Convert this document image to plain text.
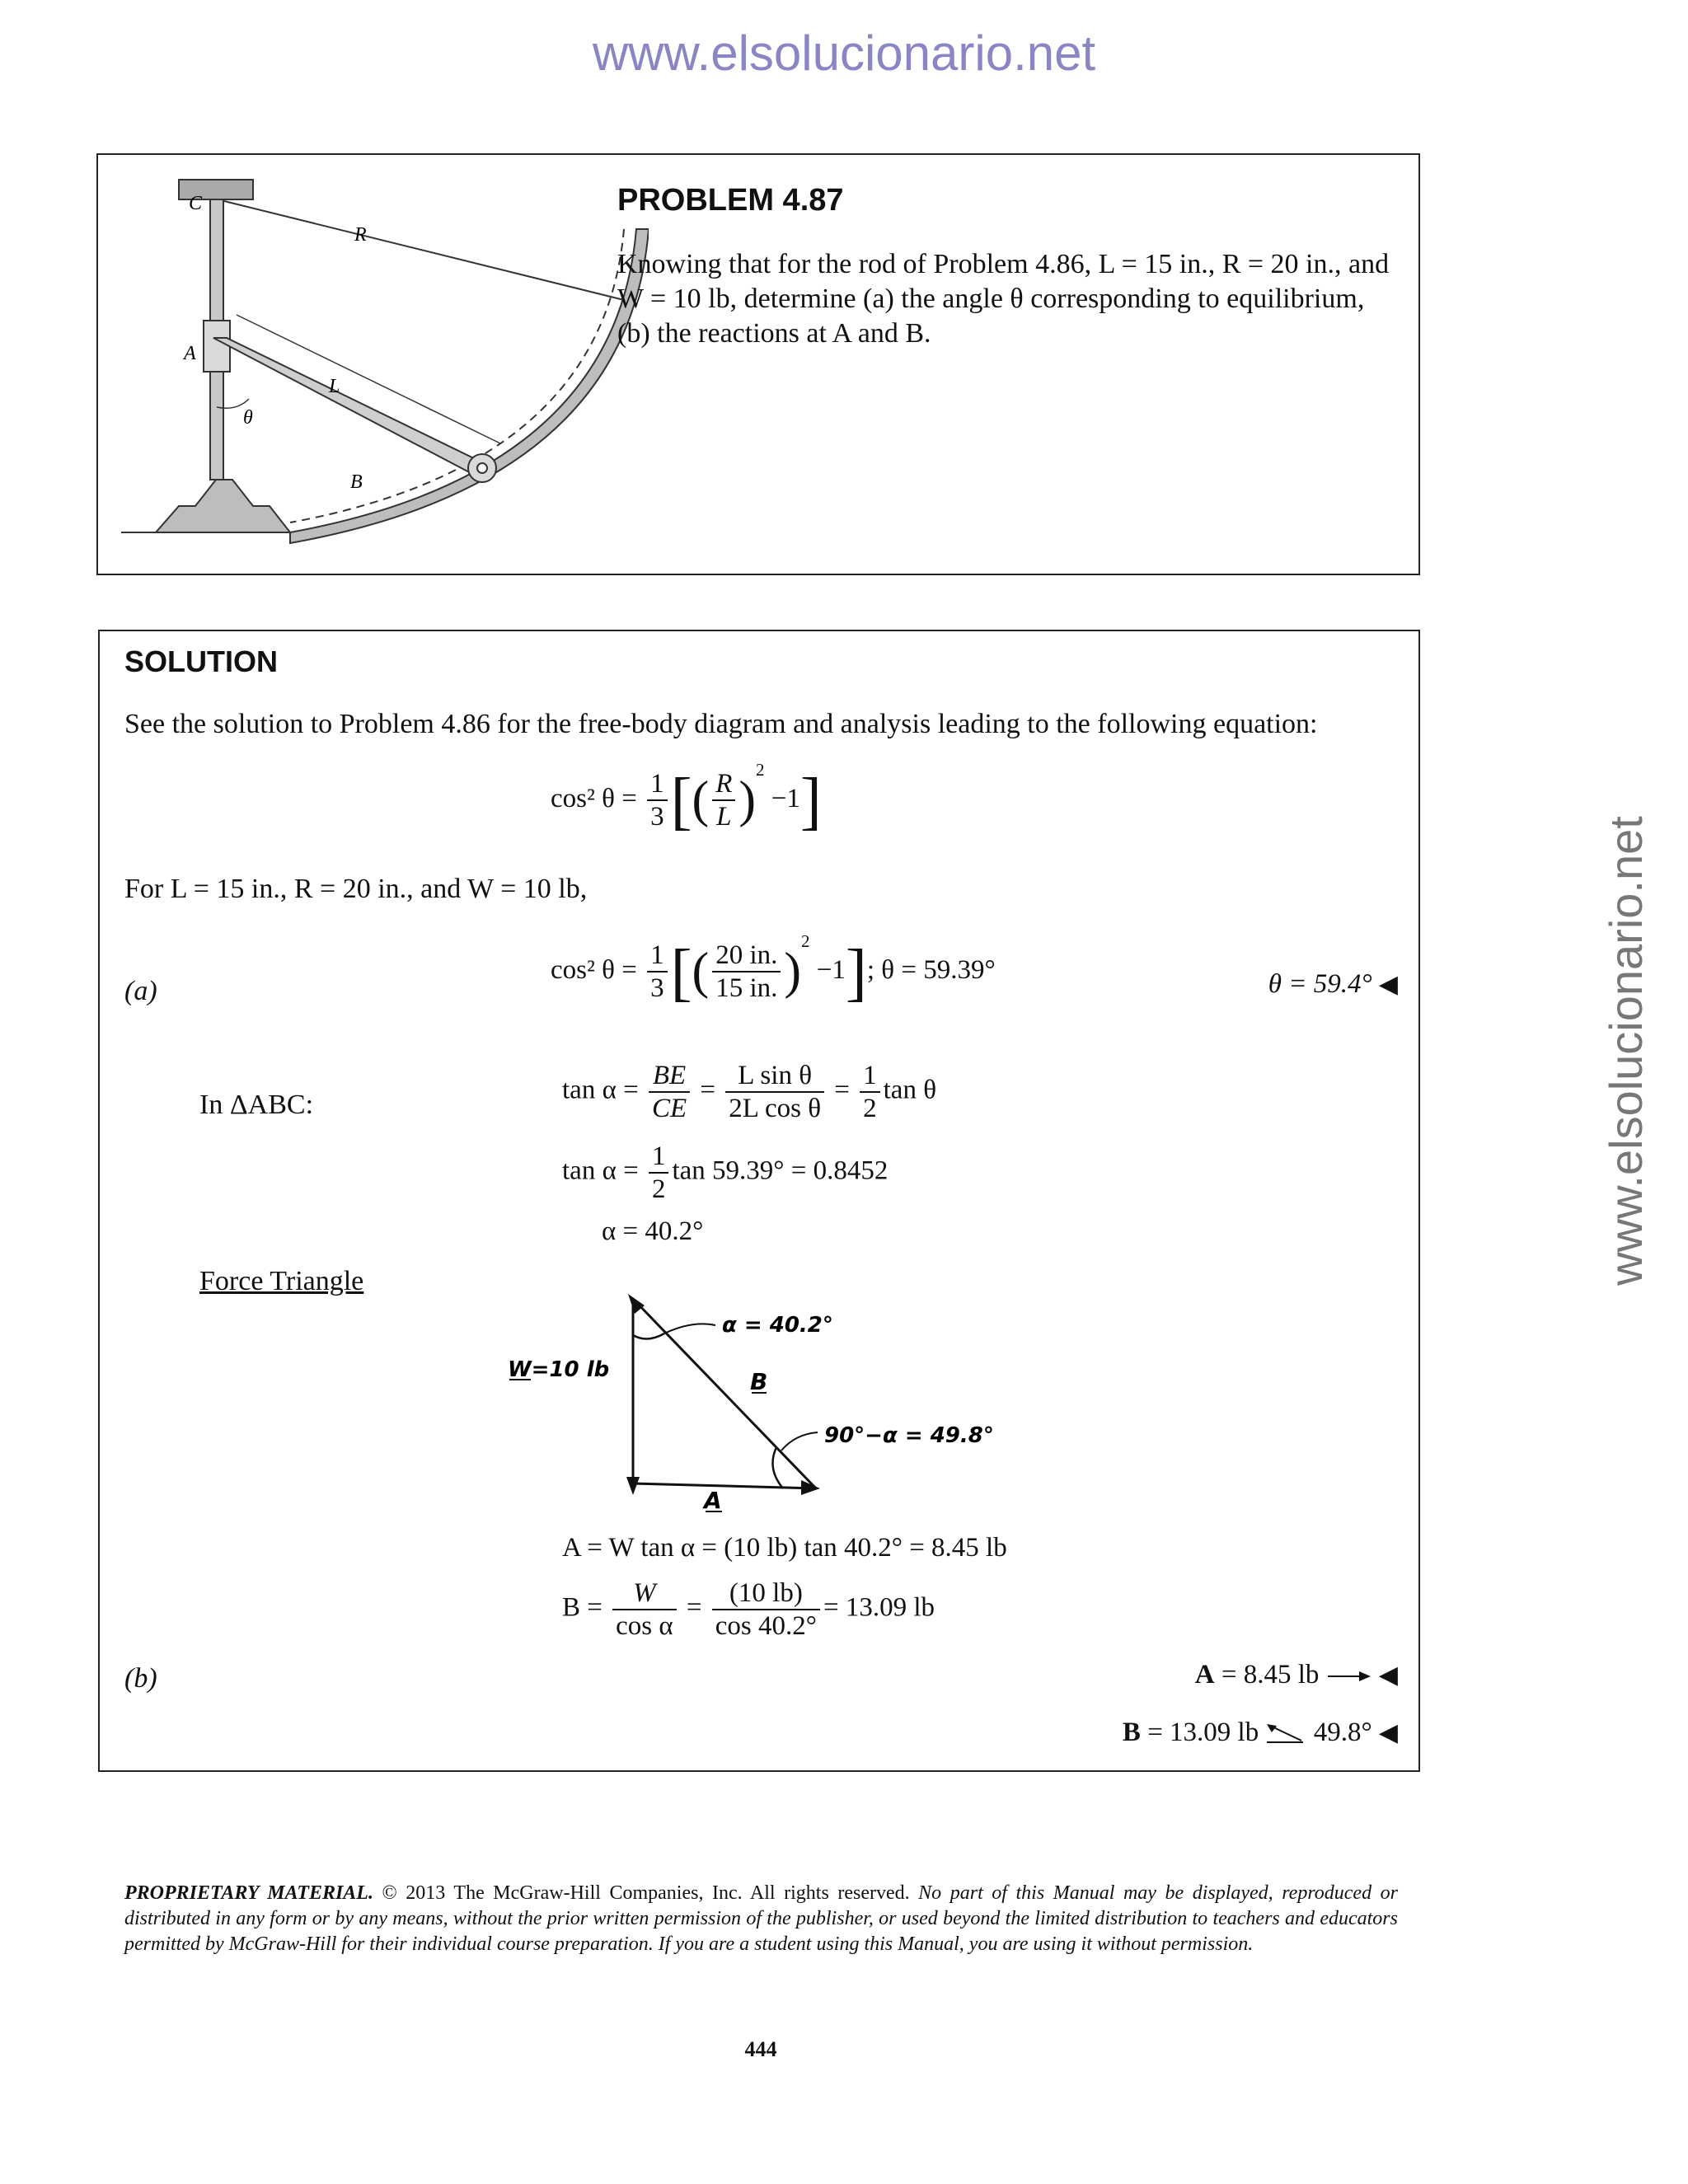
www.elsolucionario.net
www.elsolucionario.net
C
R
A
L
θ
B
PROBLEM 4.87
Knowing that for the rod of Problem 4.86, L = 15 in., R = 20 in., and
W = 10 lb, determine (a) the angle θ corresponding to equilibrium,
(b) the reactions at A and B.
SOLUTION
See the solution to Problem 4.86 for the free-body diagram and analysis leading to the following equation:
cos² $\theta = \frac{1}{3}$ [( $\frac{R}{L} )^2 -1$]
For L = 15 in., R = 20 in., and W = 10 lb,
(a)
cos² $\theta = \frac{1}{3}$ [( $\frac{20 in.}{15 in.} )^2 -1$]; θ = 59.39°	θ = 59.4° ◀
In ΔABC:	$\tan \alpha = \frac{BE}{CE} = \frac{\text{L sin θ}}{\text{2L cos θ}} = \frac{1}{2}$ tan θ
$\tan \alpha = \frac{1}{2}$ tan 59.39° = 0.8452
α = 40.2°
Force Triangle
α = 40.2°
W=10 lb	B
90°−α = 49.8°
A
A = W tan α = (10 lb) tan 40.2° = 8.45 lb
$B = \frac{W}{\text{cos α}} = \frac{(10 lb)}{\cos 40.2^\circ} = 13.09$ lb
(b)	A = 8.45 lb ◀
B = 13.09 lb 49.8° ◀
PROPRIETARY MATERIAL. © 2013 The McGraw-Hill Companies, Inc. All rights reserved. No part of this Manual may be displayed, reproduced or distributed in any form or by any means, without the prior written permission of the publisher, or used beyond the limited distribution to teachers and educators permitted by McGraw-Hill for their individual course preparation. If you are a student using this Manual, you are using it without permission.
444
